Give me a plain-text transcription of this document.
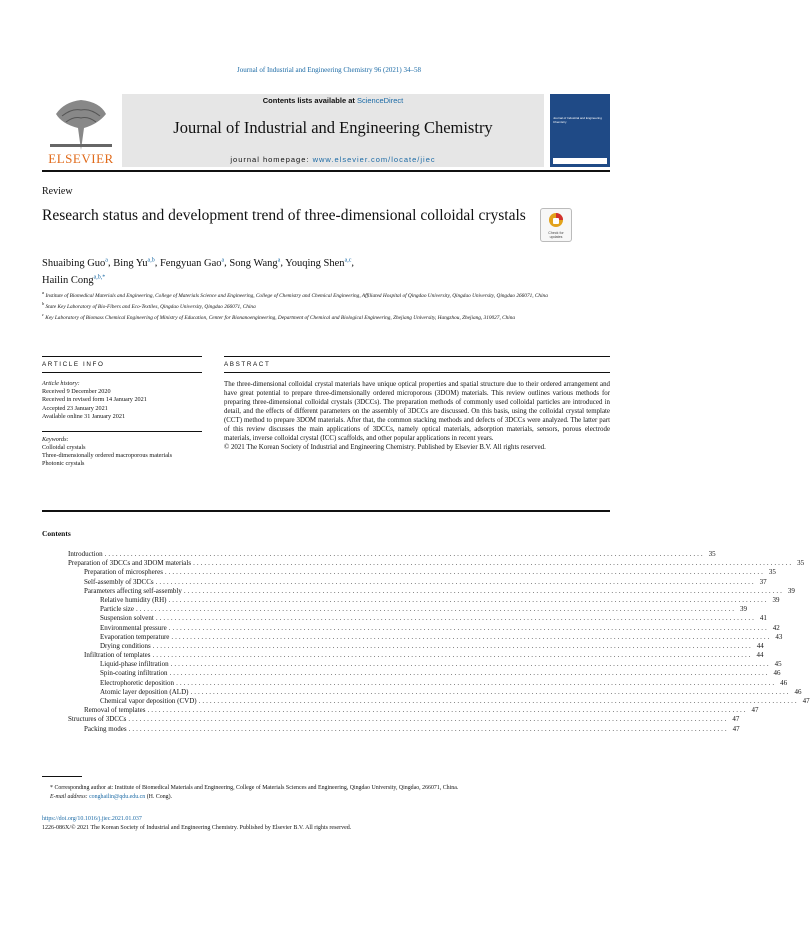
Journal of Industrial and Engineering Chemistry 96 (2021) 34–58
ELSEVIER
Contents lists available at ScienceDirect
Journal of Industrial and Engineering Chemistry
journal homepage: www.elsevier.com/locate/jiec
Journal of Industrial and Engineering Chemistry
Review
Research status and development trend of three-dimensional colloidal crystals
Check for
updates
Shuaibing Guo$^a$, Bing Yu$^{a,b}$, Fengyuan Gao$^a$, Song Wang$^a$, Youqing Shen$^{a,c}$,
Hailin Cong$^{a,b,*}$
$^a$ Institute of Biomedical Materials and Engineering, College of Materials Science and Engineering, College of Chemistry and Chemical Engineering, Affiliated Hospital of Qingdao University, Qingdao University, Qingdao 266071, China
$^b$ State Key Laboratory of Bio-Fibers and Eco-Textiles, Qingdao University, Qingdao 266071, China
$^c$ Key Laboratory of Biomass Chemical Engineering of Ministry of Education, Center for Bionanoengineering, Department of Chemical and Biological Engineering, Zhejiang University, Hangzhou, Zhejiang, 310027, China
ARTICLE INFO	ABSTRACT
Article history:
Received 9 December 2020
Received in revised form 14 January 2021
Accepted 23 January 2021
Available online 31 January 2021
Keywords:
Colloidal crystals
Three-dimensionally ordered macroporous materials
Photonic crystals
The three-dimensional colloidal crystal materials have unique optical properties and spatial structure due to their ordered arrangement and have great potential to prepare three-dimensionally ordered microporous (3DOM) materials. This review outlines various methods for preparing three-dimensional colloidal crystals (3DCCs). The preparation methods of commonly used colloidal particles are introduced in detail, and the effects of different parameters on the assembly of 3DCCs are discussed. On this basis, using the colloidal crystal template (CCT) method to prepare 3DOM materials. After that, the common stacking methods and defects of 3DCCs were analyzed. The latter part of this review discusses the main applications of 3DCCs, namely optical materials, adsorption materials, sensors, porous electrode materials, inverse colloidal crystal (ICC) scaffolds, and other popular applications in recent years.
© 2021 The Korean Society of Industrial and Engineering Chemistry. Published by Elsevier B.V. All rights reserved.
Contents
Introduction ................................................................................................................................................................ 35
Preparation of 3DCCs and 3DOM materials ................................................................................................................................................................ 35
Preparation of microspheres ................................................................................................................................................................ 35
Self-assembly of 3DCCs ................................................................................................................................................................ 37
Parameters affecting self-assembly ................................................................................................................................................................ 39
Relative humidity (RH) ................................................................................................................................................................ 39
Particle size ................................................................................................................................................................ 39
Suspension solvent ................................................................................................................................................................ 41
Environmental pressure ................................................................................................................................................................ 42
Evaporation temperature ................................................................................................................................................................ 43
Drying conditions ................................................................................................................................................................ 44
Infiltration of templates ................................................................................................................................................................ 44
Liquid-phase infiltration ................................................................................................................................................................ 45
Spin-coating infiltration ................................................................................................................................................................ 46
Electrophoretic deposition ................................................................................................................................................................ 46
Atomic layer deposition (ALD) ................................................................................................................................................................ 46
Chemical vapor deposition (CVD) ................................................................................................................................................................ 47
Removal of templates ................................................................................................................................................................ 47
Structures of 3DCCs ................................................................................................................................................................ 47
Packing modes ................................................................................................................................................................ 47
* Corresponding author at: Institute of Biomedical Materials and Engineering, College of Materials Sciences and Engineering, Qingdao University, Qingdao, 266071, China.
E-mail address: conghailin@qdu.edu.cn (H. Cong).
https://doi.org/10.1016/j.jiec.2021.01.037
1226-086X/© 2021 The Korean Society of Industrial and Engineering Chemistry. Published by Elsevier B.V. All rights reserved.
